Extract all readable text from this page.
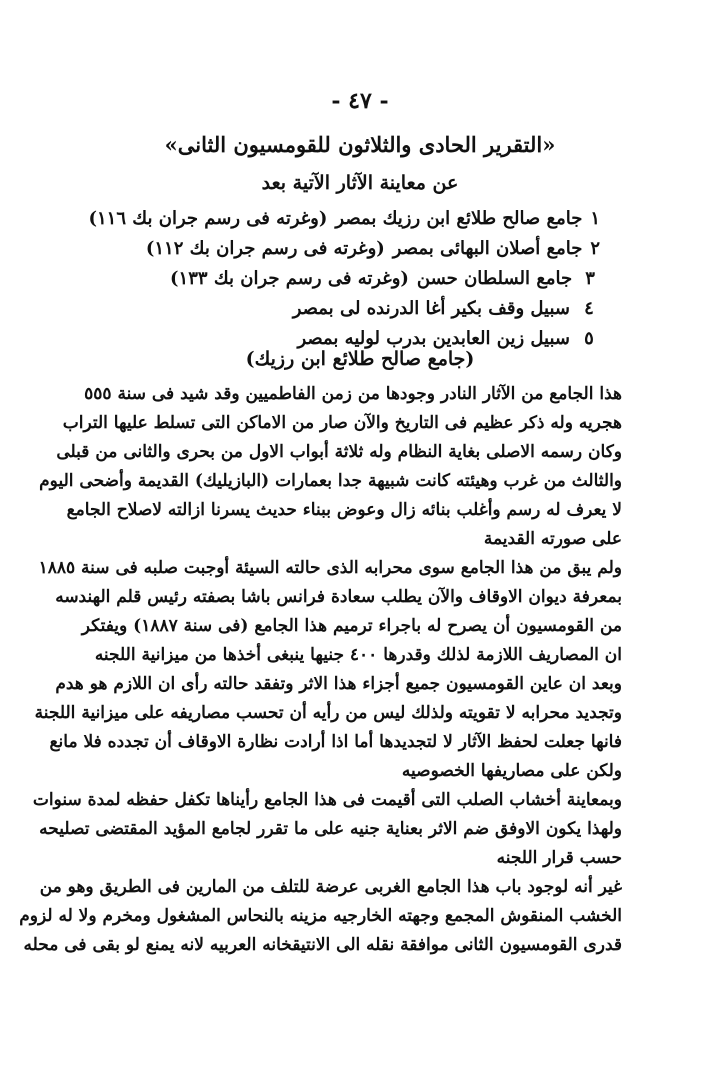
- ٤٧ -
«التقرير الحادى والثلاثون للقومسيون الثانى»
عن معاينة الآثار الآتية بعد
١
جامع صالح طلائع ابن رزيك بمصر
(وغرته فى رسم جران بك ١١٦)
٢
جامع أصلان البهائى بمصر
(وغرته فى رسم جران بك ١١٢)
٣
جامع السلطان حسن
(وغرته فى رسم جران بك ١٣٣)
٤
سبيل وقف بكير أغا الدرنده لى بمصر
٥
سبيل زين العابدين بدرب لوليه بمصر
(جامع صالح طلائع ابن رزيك)
هذا الجامع من الآثار النادر وجودها من زمن الفاطميين وقد شيد فى سنة ٥٥٥
هجريه وله ذكر عظيم فى التاريخ والآن صار من الاماكن التى تسلط عليها التراب
وكان رسمه الاصلى بغاية النظام وله ثلاثة أبواب الاول من بحرى والثانى من قبلى
والثالث من غرب وهيئته كانت شبيهة جدا بعمارات (البازيليك) القديمة وأضحى اليوم
لا يعرف له رسم وأغلب بنائه زال وعوض ببناء حديث يسرنا ازالته لاصلاح الجامع
على صورته القديمة
ولم يبق من هذا الجامع سوى محرابه الذى حالته السيئة أوجبت صلبه فى سنة ١٨٨٥
بمعرفة ديوان الاوقاف والآن يطلب سعادة فرانس باشا بصفته رئيس قلم الهندسه
من القومسيون أن يصرح له باجراء ترميم هذا الجامع (فى سنة ١٨٨٧) ويفتكر
ان المصاريف اللازمة لذلك وقدرها ٤٠٠ جنيها ينبغى أخذها من ميزانية اللجنه
وبعد ان عاين القومسيون جميع أجزاء هذا الاثر وتفقد حالته رأى ان اللازم هو هدم
وتجديد محرابه لا تقويته ولذلك ليس من رأيه أن تحسب مصاريفه على ميزانية اللجنة
فانها جعلت لحفظ الآثار لا لتجديدها أما اذا أرادت نظارة الاوقاف أن تجدده فلا مانع
ولكن على مصاريفها الخصوصيه
وبمعاينة أخشاب الصلب التى أقيمت فى هذا الجامع رأيناها تكفل حفظه لمدة سنوات
ولهذا يكون الاوفق ضم الاثر بعناية جنيه على ما تقرر لجامع المؤيد المقتضى تصليحه
حسب قرار اللجنه
غير أنه لوجود باب هذا الجامع الغربى عرضة للتلف من المارين فى الطريق وهو من
الخشب المنقوش المجمع وجهته الخارجيه مزينه بالنحاس المشغول ومخرم ولا له لزوم
قدرى القومسيون الثانى موافقة نقله الى الانتيقخانه العربيه لانه يمنع لو بقى فى محله
